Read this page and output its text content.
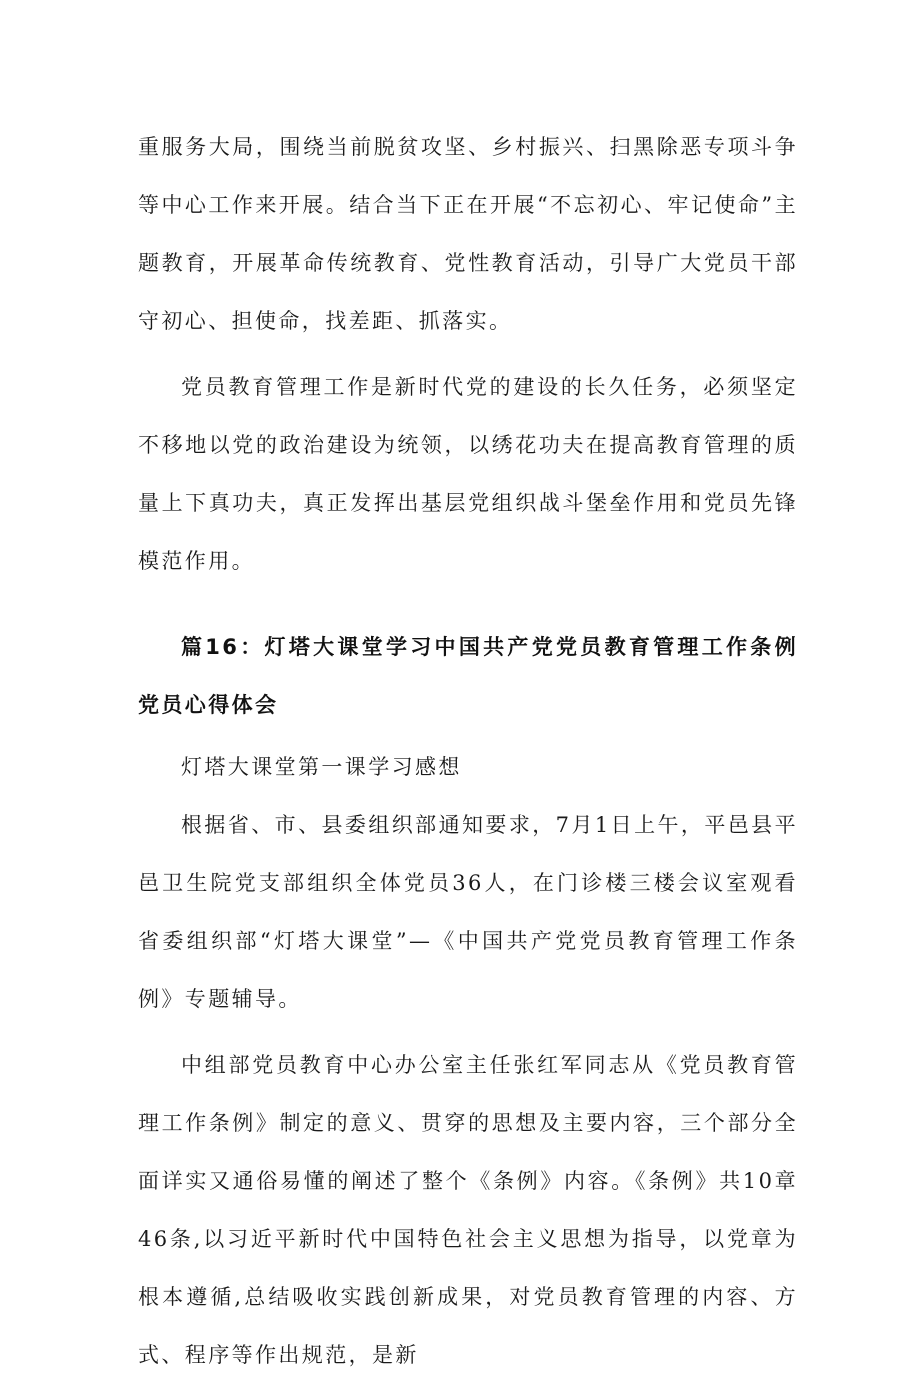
重服务大局，围绕当前脱贫攻坚、乡村振兴、扫黑除恶专项斗争等中心工作来开展。结合当下正在开展“不忘初心、牢记使命”主题教育，开展革命传统教育、党性教育活动，引导广大党员干部守初心、担使命，找差距、抓落实。

党员教育管理工作是新时代党的建设的长久任务，必须坚定不移地以党的政治建设为统领，以绣花功夫在提高教育管理的质量上下真功夫，真正发挥出基层党组织战斗堡垒作用和党员先锋模范作用。

篇16：灯塔大课堂学习中国共产党党员教育管理工作条例党员心得体会

灯塔大课堂第一课学习感想

根据省、市、县委组织部通知要求，7月1日上午，平邑县平邑卫生院党支部组织全体党员36人，在门诊楼三楼会议室观看省委组织部“灯塔大课堂”—《中国共产党党员教育管理工作条例》专题辅导。

中组部党员教育中心办公室主任张红军同志从《党员教育管理工作条例》制定的意义、贯穿的思想及主要内容，三个部分全面详实又通俗易懂的阐述了整个《条例》内容。《条例》共10章46条,以习近平新时代中国特色社会主义思想为指导，以党章为根本遵循,总结吸收实践创新成果，对党员教育管理的内容、方式、程序等作出规范，是新
